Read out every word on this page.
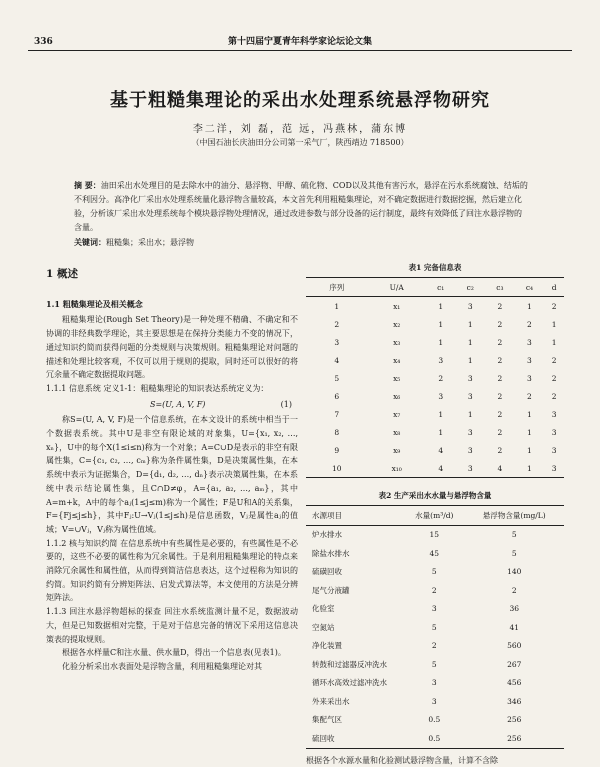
336	第十四届宁夏青年科学家论坛论文集
基于粗糙集理论的采出水处理系统悬浮物研究
李二洋，刘 磊，范 远，冯燕林，蒲东博
（中国石油长庆油田分公司第一采气厂，陕西靖边 718500）
摘 要：油田采出水处理目的是去除水中的油分、悬浮物、甲醇、硫化物、COD以及其他有害污水，悬浮在污水系统腐蚀、结垢的不利因分。高净化厂采出水处理系统量化悬浮物含量较高，本文首先利用粗糙集理论，对不确定数据进行数据挖掘，然后建立化验，分析该厂采出水处理系统每个模块悬浮物处理情况，通过改进参数与部分设备的运行制度，最终有效降低了回注水悬浮物的含量。
关键词：粗糙集；采出水；悬浮物
1 概述
1.1 粗糙集理论及相关概念

粗糙集理论(Rough Set Theory)是一种处理不精确、不确定和不协调的非经典数学理论，其主要思想是在保持分类能力不变的情况下，通过知识约简而获得问题的分类规则与决策规则。粗糙集理论对问题的描述和处理比较客观，不仅可以用于规则的提取，同时还可以很好的将冗余量不确定数据提取问题。

1.1.1 信息系统 定义1-1：粗糙集理论的知识表达系统定义为：

S=(U, A, V, F)	(1)

称S=(U, A, V, F)是一个信息系统，在本文设计的系统中相当于一个数据表系统。其中U是非空有限论域的对象集，U={x₁, x₂, …, xₙ}，U中的每个X(1≤i≤n)称为一个对象；A=C∪D是表示的非空有限属性集，C={c₁, c₂, …, cₘ}称为条件属性集，D是决策属性集，在本系统中表示为证据集合，D={d₁, d₂, …, dₙ}表示决策属性集，在本系统中表示结论属性集，且C∩D≠φ，A={a₁, a₂, …, aₘ}，其中A=m+k，A中的每个aⱼ(1≤j≤m)称为一个属性；F是U和A的关系集，F={Fj≤j≤h}，其中Fⱼ:U→Vⱼ(1≤j≤h)是信息函数，Vⱼ是属性aⱼ的值域；V=∪Vⱼ，Vⱼ称为属性值域。

1.1.2 核与知识约简 在信息系统中有些属性是必要的，有些属性是不必要的，这些不必要的属性称为冗余属性。于是利用粗糙集理论的特点来消除冗余属性和属性值，从而得到简洁信息表达，这个过程称为知识的约简。知识约简有分辨矩阵法、启发式算法等，本文使用的方法是分辨矩阵法。

1.1.3 回注水悬浮物超标的探查 回注水系统监测计量不足，数据波动大，但是已知数据相对完整，于是对于信息完备的情况下采用这信息决策表的提取规则。

根据各水样量C和注水量、供水量D，得出一个信息表(见表1)。

化验分析采出水表面处是浮物含量，利用粗糙集理论对其

表1 完备信息表
序列	U/A	c₁	c₂	c₃	c₄	d
1	x₁	1	3	2	1	2
2	x₂	1	1	2	2	1
3	x₃	1	1	2	3	1
4	x₄	3	1	2	3	2
5	x₅	2	3	2	3	2
6	x₆	3	3	2	2	2
7	x₇	1	1	2	1	3
8	x₈	1	3	2	1	3
9	x₉	4	3	2	1	3
10	x₁₀	4	3	4	1	3
表2 生产采出水水量与悬浮物含量
水源项目	水量(m³/d)	悬浮物含量(mg/L)
炉水排水	15	5
除盐水排水	45	5
硫磺回收	5	140
尾气分液罐	2	2
化验室	3	36
空氮站	5	41
净化装置	2	560
转鼓和过滤器反冲洗水	5	267
循环水高效过滤冲洗水	3	456
外来采出水	3	346
集配气区	0.5	256
硫回收	0.5	256
根据各个水源水量和化验测试悬浮物含量，计算不含除
